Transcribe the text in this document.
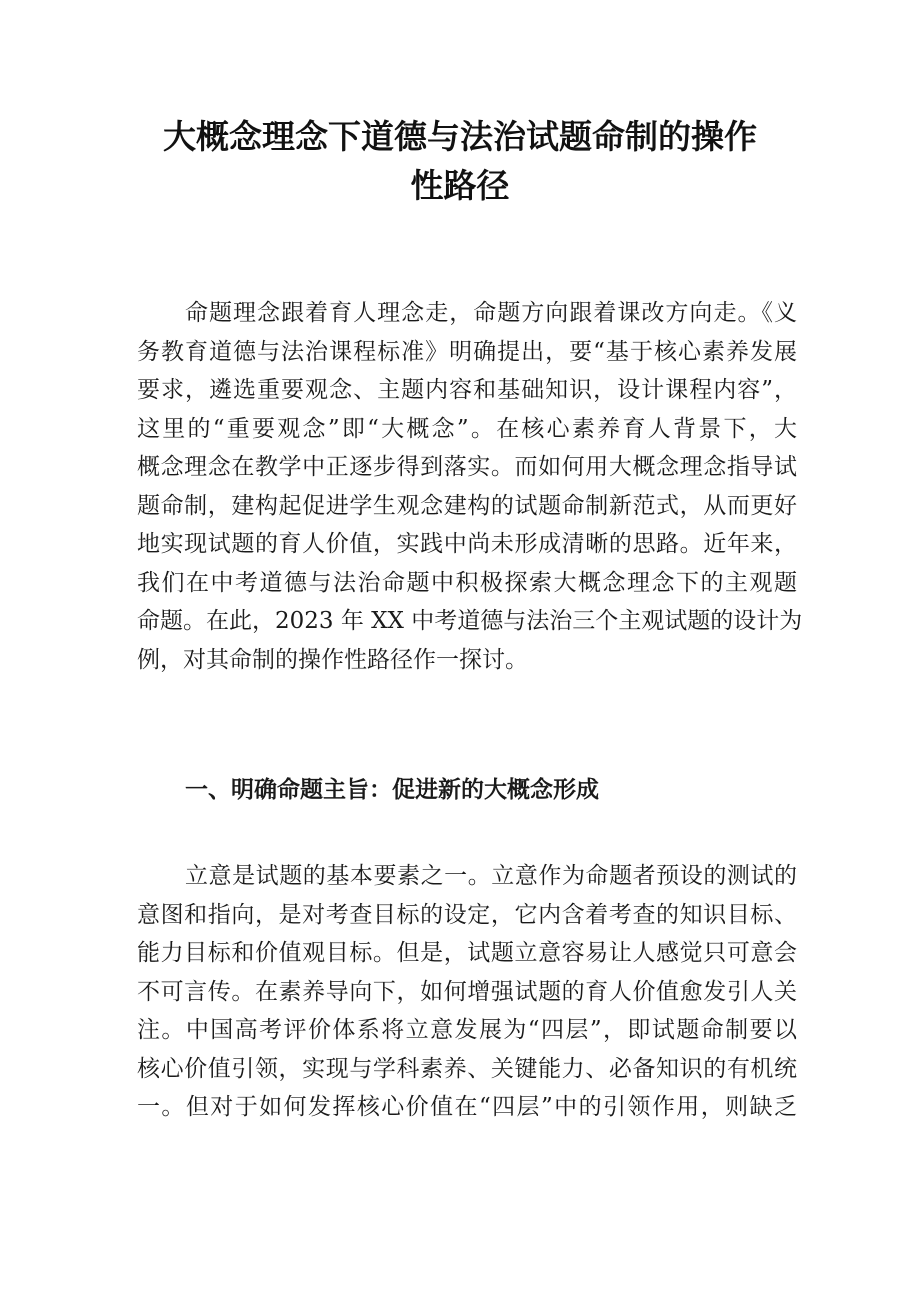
大概念理念下道德与法治试题命制的操作
性路径
命题理念跟着育人理念走，命题方向跟着课改方向走。《义
务教育道德与法治课程标准》明确提出，要“基于核心素养发展
要求，遴选重要观念、主题内容和基础知识，设计课程内容”，
这里的“重要观念”即“大概念”。在核心素养育人背景下，大
概念理念在教学中正逐步得到落实。而如何用大概念理念指导试
题命制，建构起促进学生观念建构的试题命制新范式，从而更好
地实现试题的育人价值，实践中尚未形成清晰的思路。近年来，
我们在中考道德与法治命题中积极探索大概念理念下的主观题
命题。在此，2023 年 XX 中考道德与法治三个主观试题的设计为
例，对其命制的操作性路径作一探讨。
一、明确命题主旨：促进新的大概念形成
立意是试题的基本要素之一。立意作为命题者预设的测试的
意图和指向，是对考查目标的设定，它内含着考查的知识目标、
能力目标和价值观目标。但是，试题立意容易让人感觉只可意会
不可言传。在素养导向下，如何增强试题的育人价值愈发引人关
注。中国高考评价体系将立意发展为“四层”，即试题命制要以
核心价值引领，实现与学科素养、关键能力、必备知识的有机统
一。但对于如何发挥核心价值在“四层”中的引领作用，则缺乏
